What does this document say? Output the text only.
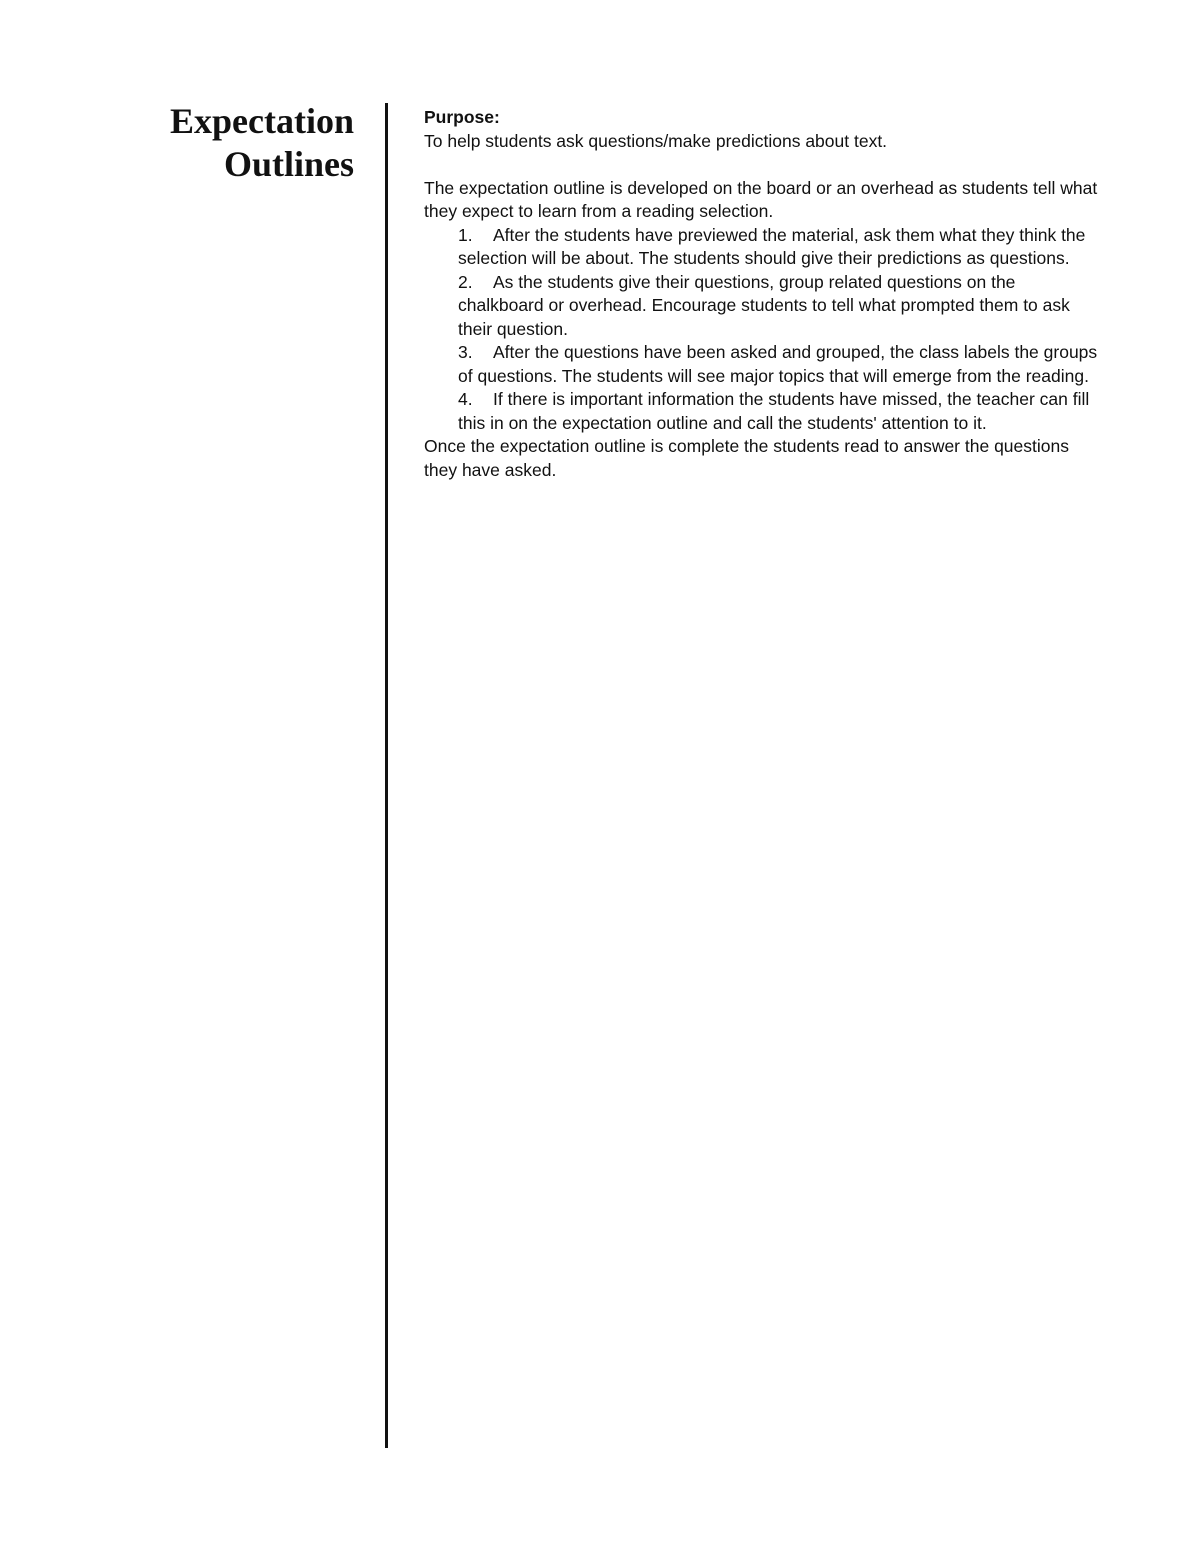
Expectation
Outlines

Purpose:

To help students ask questions/make predictions about text.

The expectation outline is developed on the board or an overhead as students tell what they expect to learn from a reading selection.

1. After the students have previewed the material, ask them what they think the selection will be about. The students should give their predictions as questions.
2. As the students give their questions, group related questions on the chalkboard or overhead. Encourage students to tell what prompted them to ask their question.
3. After the questions have been asked and grouped, the class labels the groups of questions. The students will see major topics that will emerge from the reading.
4. If there is important information the students have missed, the teacher can fill this in on the expectation outline and call the students' attention to it.

Once the expectation outline is complete the students read to answer the questions they have asked.
